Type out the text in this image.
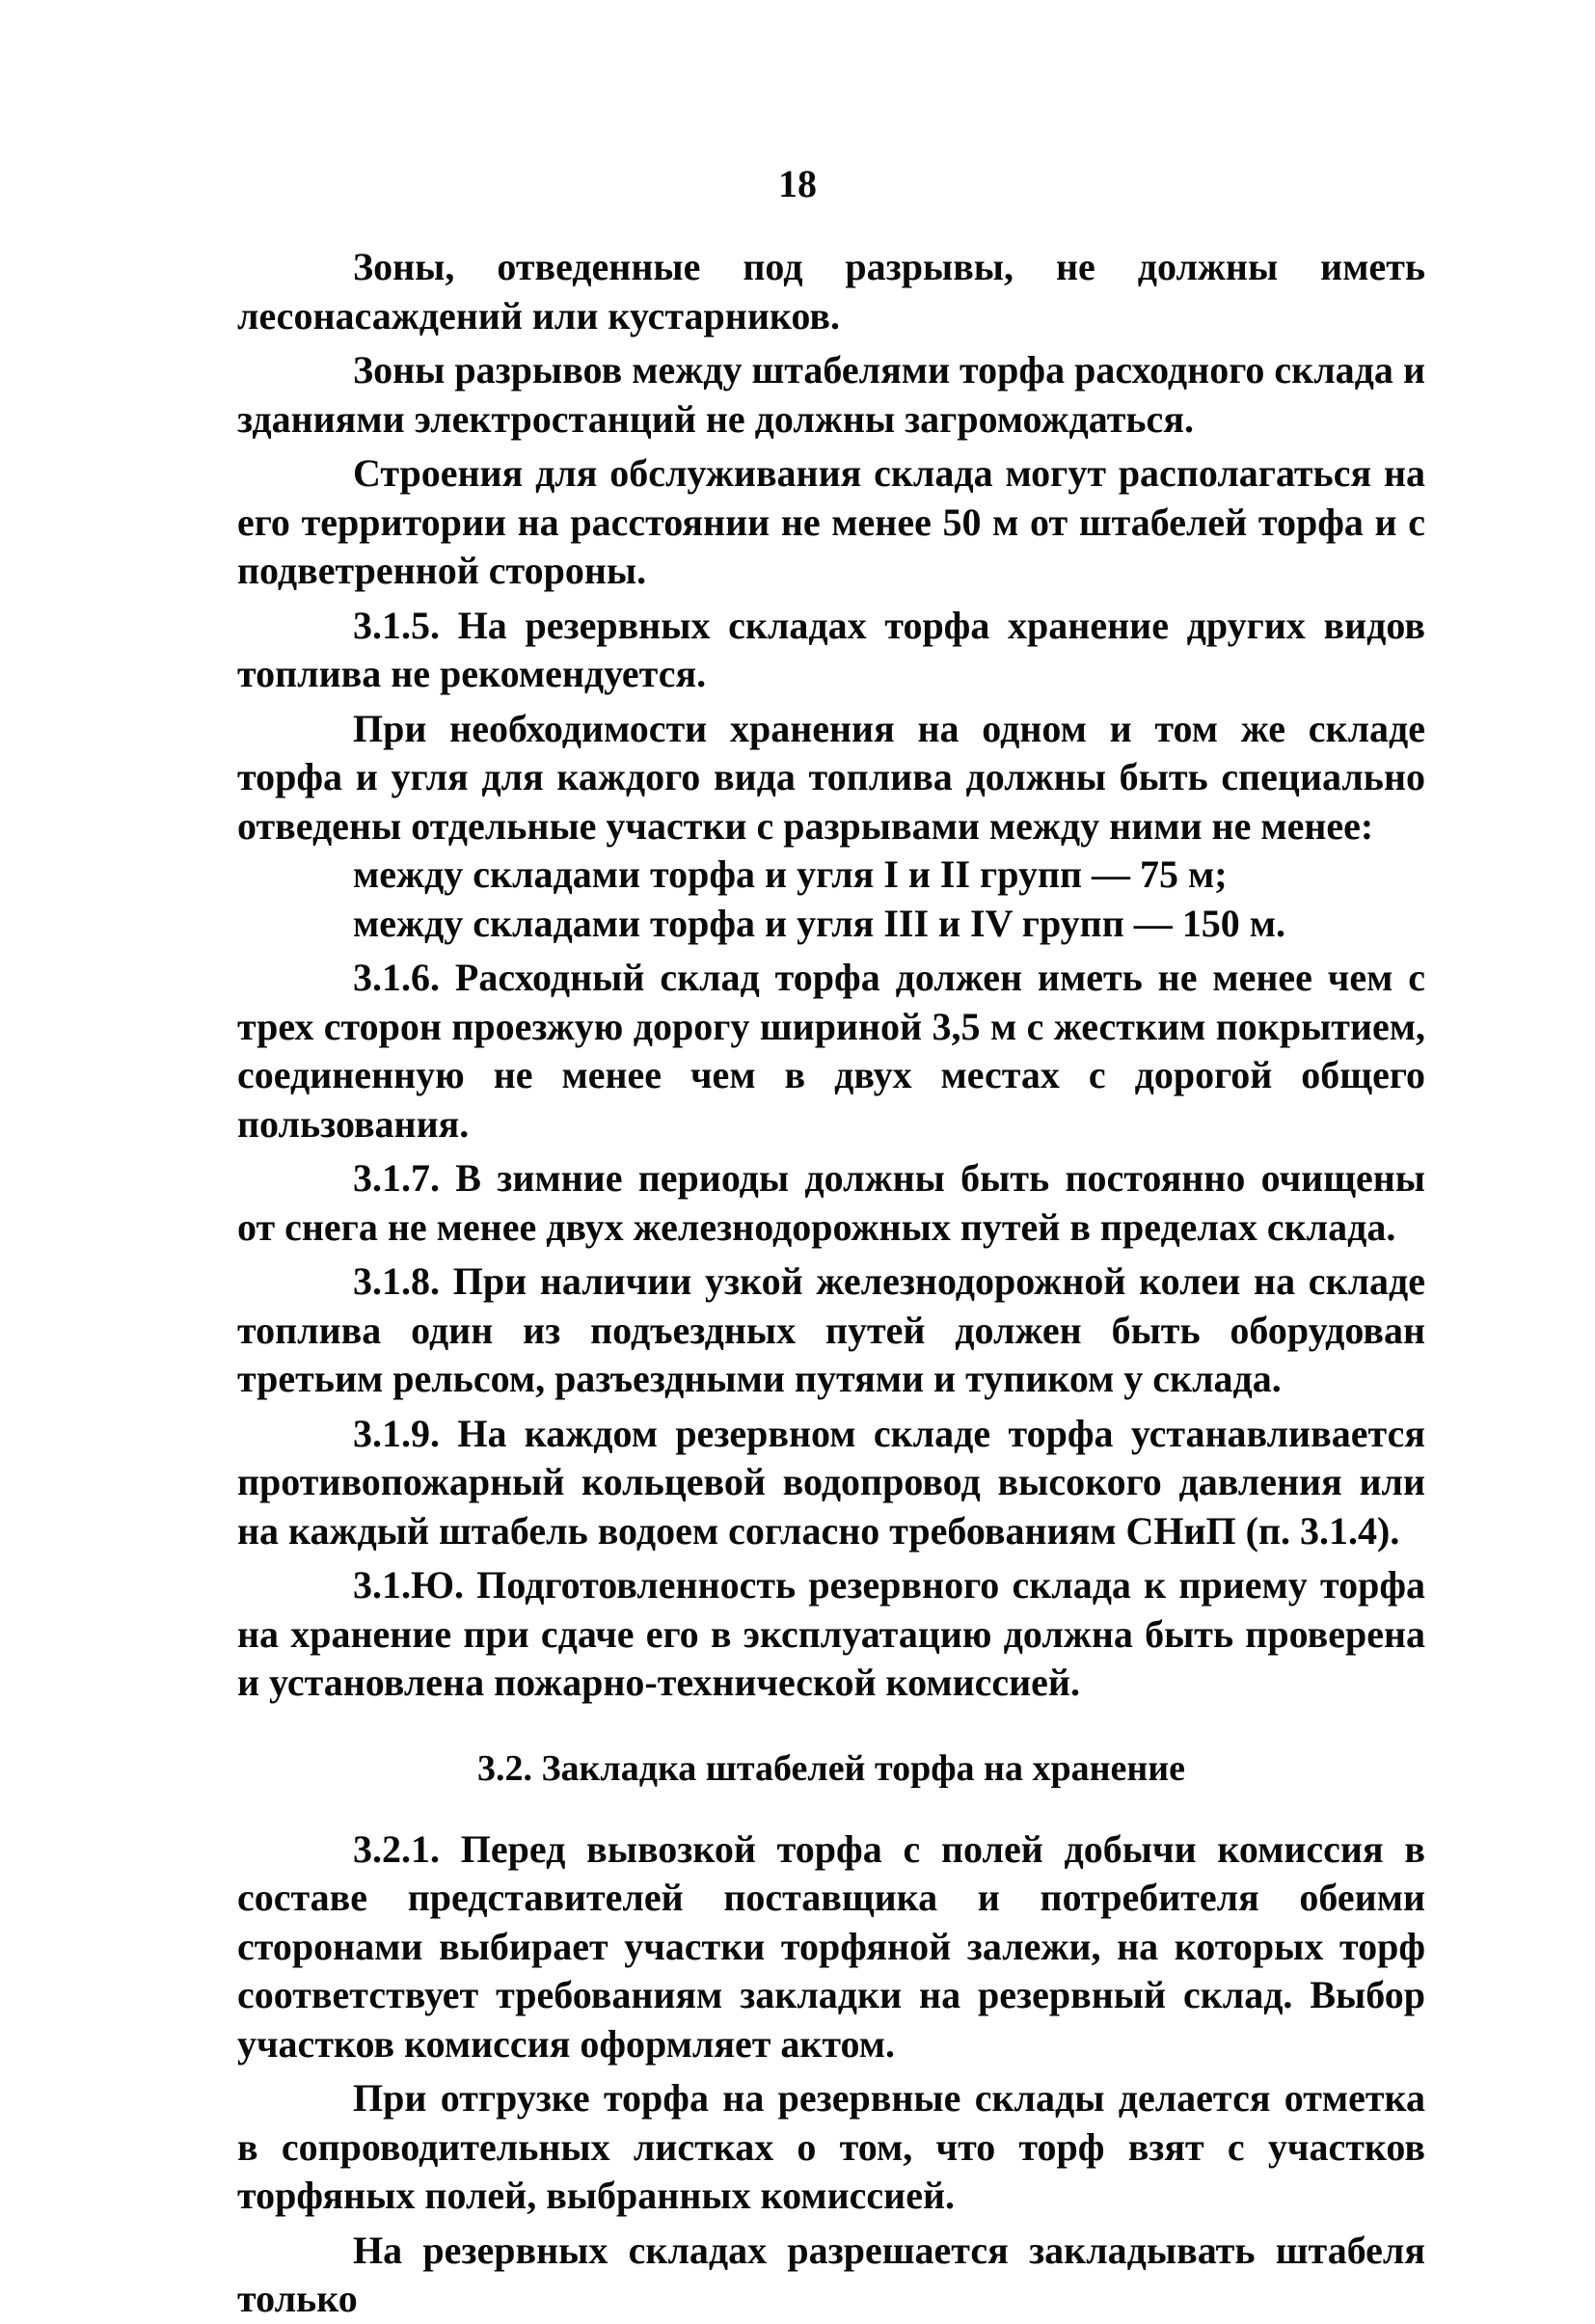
18

Зоны, отведенные под разрывы, не должны иметь лесонасаждений или кустарников.

Зоны разрывов между штабелями торфа расходного склада и зданиями электростанций не должны загромождаться.

Строения для обслуживания склада могут располагаться на его территории на расстоянии не менее 50 м от штабелей торфа и с подветренной стороны.

3.1.5. На резервных складах торфа хранение других видов топлива не рекомендуется.

При необходимости хранения на одном и том же складе торфа и угля для каждого вида топлива должны быть специально отведены отдельные участки с разрывами между ними не менее:

между складами торфа и угля I и II групп — 75 м;

между складами торфа и угля III и IV групп — 150 м.

3.1.6. Расходный склад торфа должен иметь не менее чем с трех сторон проезжую дорогу шириной 3,5 м с жестким покрытием, соединенную не менее чем в двух местах с дорогой общего пользования.

3.1.7. В зимние периоды должны быть постоянно очищены от снега не менее двух железнодорожных путей в пределах склада.

3.1.8. При наличии узкой железнодорожной колеи на складе топлива один из подъездных путей должен быть оборудован третьим рельсом, разъездными путями и тупиком у склада.

3.1.9. На каждом резервном складе торфа устанавливается противопожарный кольцевой водопровод высокого давления или на каждый штабель водоем согласно требованиям СНиП (п. 3.1.4).

3.1.Ю. Подготовленность резервного склада к приему торфа на хранение при сдаче его в эксплуатацию должна быть проверена и установлена пожарно-технической комиссией.

3.2. Закладка штабелей торфа на хранение

3.2.1. Перед вывозкой торфа с полей добычи комиссия в составе представителей поставщика и потребителя обеими сторонами выбирает участки торфяной залежи, на которых торф соответствует требованиям закладки на резервный склад. Выбор участков комиссия оформляет актом.

При отгрузке торфа на резервные склады делается отметка в сопроводительных листках о том, что торф взят с участков торфяных полей, выбранных комиссией.

На резервных складах разрешается закладывать штабеля только
